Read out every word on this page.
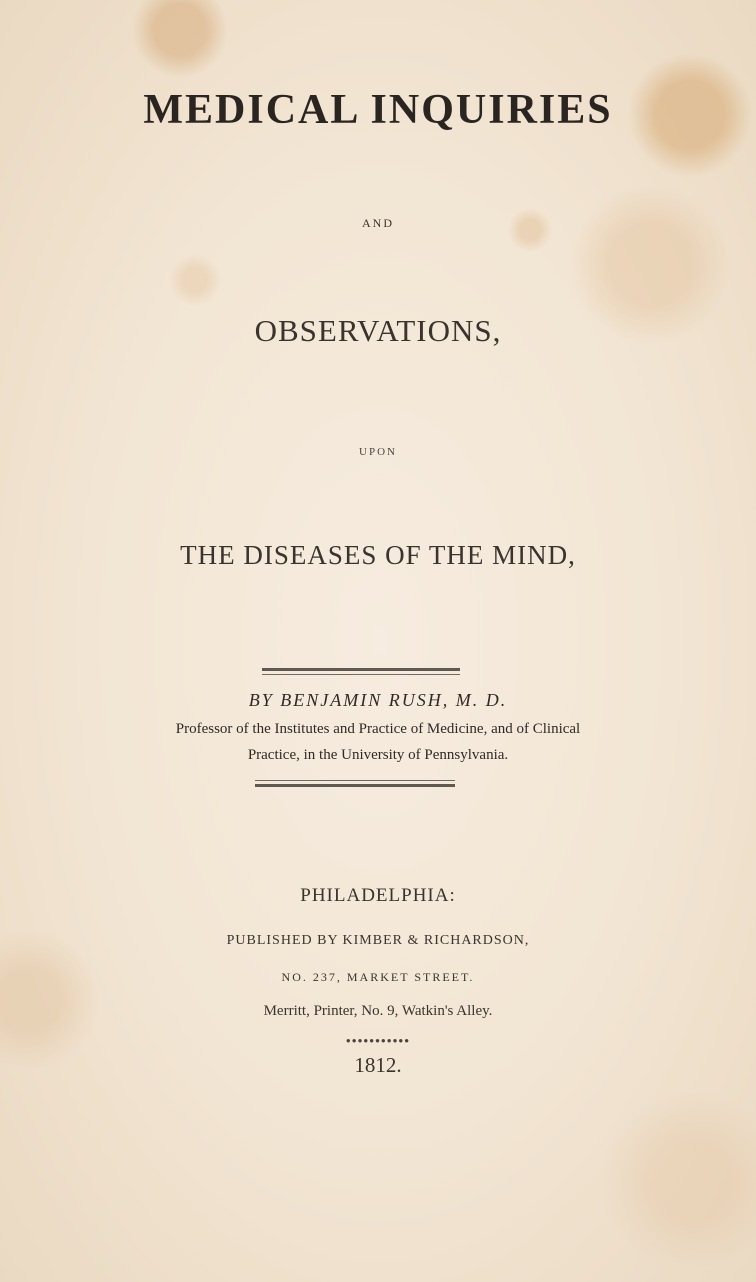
MEDICAL INQUIRIES
AND
OBSERVATIONS,
UPON
THE DISEASES OF THE MIND,
BY BENJAMIN RUSH, M. D.
Professor of the Institutes and Practice of Medicine, and of Clinical
Practice, in the University of Pennsylvania.
PHILADELPHIA:
PUBLISHED BY KIMBER & RICHARDSON,
NO. 237, MARKET STREET.
Merritt, Printer, No. 9, Watkin's Alley.
●●●●●●●●●●●
1812.
